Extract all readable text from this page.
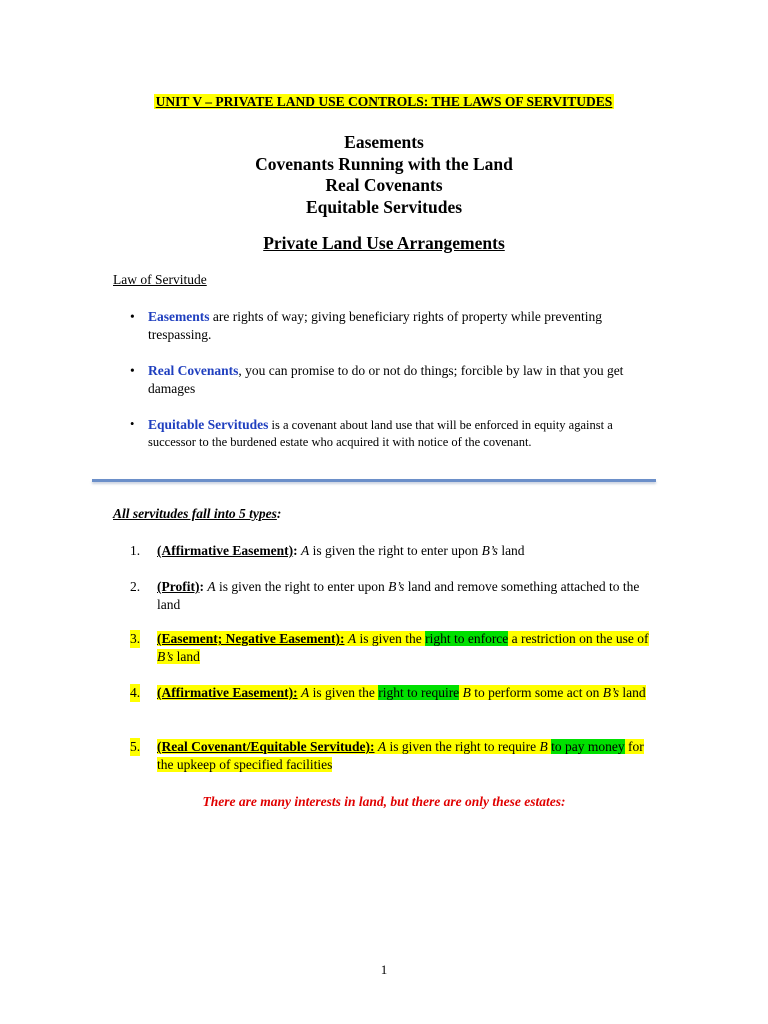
UNIT V – PRIVATE LAND USE CONTROLS: THE LAWS OF SERVITUDES
Easements
Covenants Running with the Land
Real Covenants
Equitable Servitudes
Private Land Use Arrangements
Law of Servitude
• Easements are rights of way; giving beneficiary rights of property while preventing trespassing.
• Real Covenants, you can promise to do or not do things; forcible by law in that you get damages
• Equitable Servitudes is a covenant about land use that will be enforced in equity against a successor to the burdened estate who acquired it with notice of the covenant.
All servitudes fall into 5 types:
1. (Affirmative Easement): A is given the right to enter upon B’s land
2. (Profit): A is given the right to enter upon B’s land and remove something attached to the land
3. (Easement; Negative Easement): A is given the right to enforce a restriction on the use of B’s land
4. (Affirmative Easement): A is given the right to require B to perform some act on B’s land
5. (Real Covenant/Equitable Servitude): A is given the right to require B to pay money for the upkeep of specified facilities
There are many interests in land, but there are only these estates:
1
